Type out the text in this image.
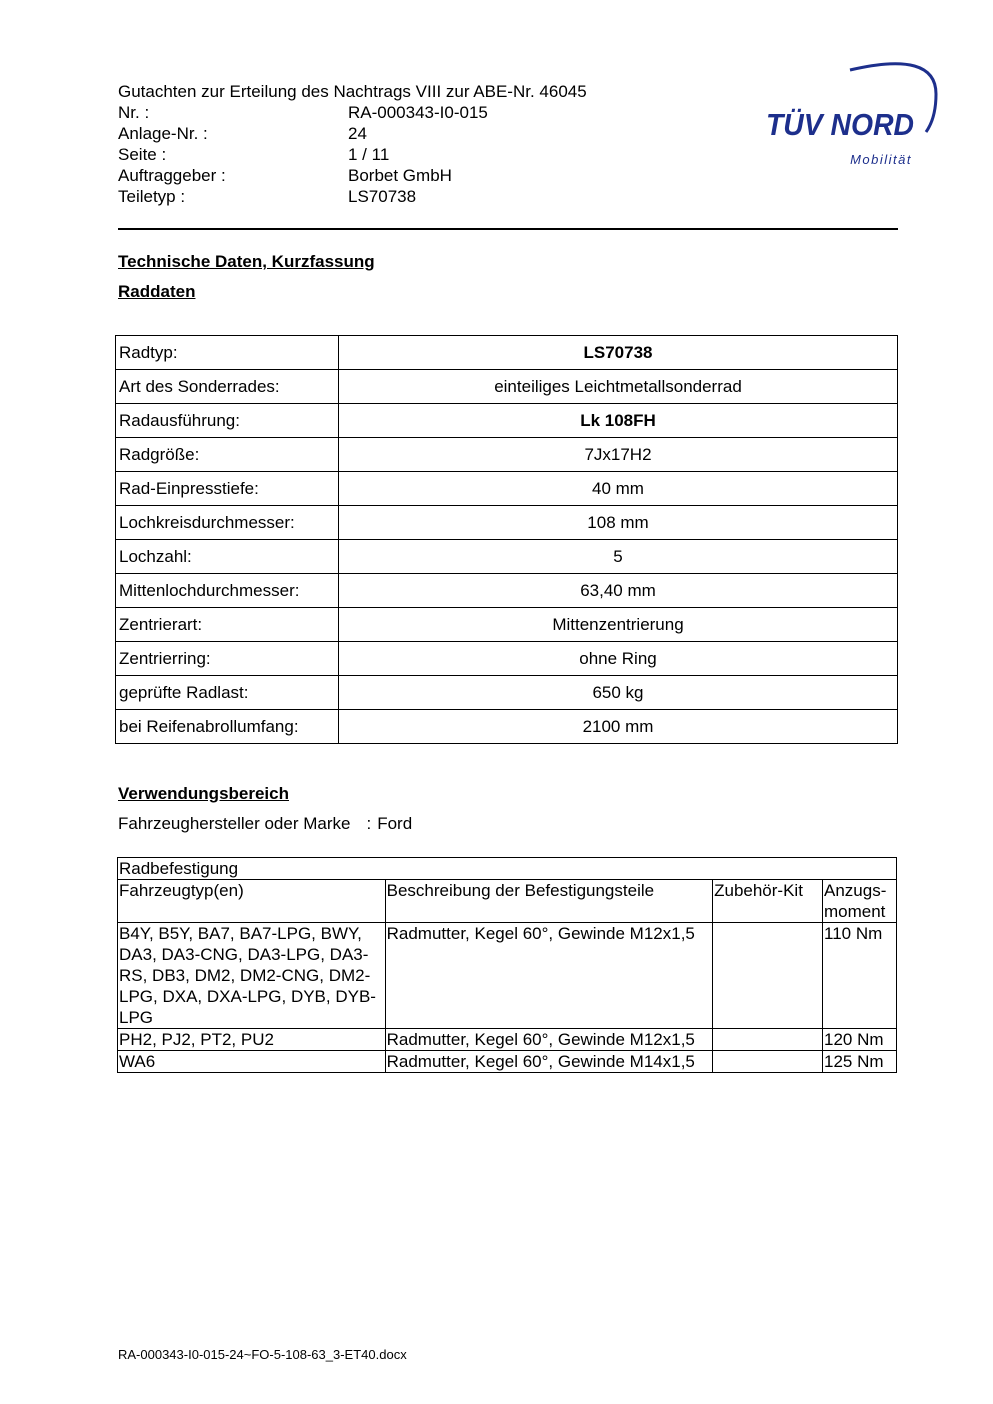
Gutachten zur Erteilung des Nachtrags VIII zur ABE-Nr. 46045
Nr. :	RA-000343-I0-015
Anlage-Nr. :	24
Seite :	1 / 11
Auftraggeber :	Borbet GmbH
Teiletyp :	LS70738
TÜV NORD
Mobilität
Technische Daten, Kurzfassung
Raddaten
Radtyp:	LS70738
Art des Sonderrades:	einteiliges Leichtmetallsonderrad
Radausführung:	Lk 108FH
Radgröße:	7Jx17H2
Rad-Einpresstiefe:	40 mm
Lochkreisdurchmesser:	108 mm
Lochzahl:	5
Mittenlochdurchmesser:	63,40 mm
Zentrierart:	Mittenzentrierung
Zentrierring:	ohne Ring
geprüfte Radlast:	650 kg
bei Reifenabrollumfang:	2100 mm
Verwendungsbereich
Fahrzeughersteller oder Marke : Ford
Radbefestigung			
Fahrzeugtyp(en)	Beschreibung der Befestigungsteile	Zubehör-Kit	Anzugs-moment
B4Y, B5Y, BA7, BA7-LPG, BWY, DA3, DA3-CNG, DA3-LPG, DA3-RS, DB3, DM2, DM2-CNG, DM2-LPG, DXA, DXA-LPG, DYB, DYB-LPG	Radmutter, Kegel 60°, Gewinde M12x1,5		110 Nm
PH2, PJ2, PT2, PU2	Radmutter, Kegel 60°, Gewinde M12x1,5		120 Nm
WA6	Radmutter, Kegel 60°, Gewinde M14x1,5		125 Nm
RA-000343-I0-015-24~FO-5-108-63_3-ET40.docx
